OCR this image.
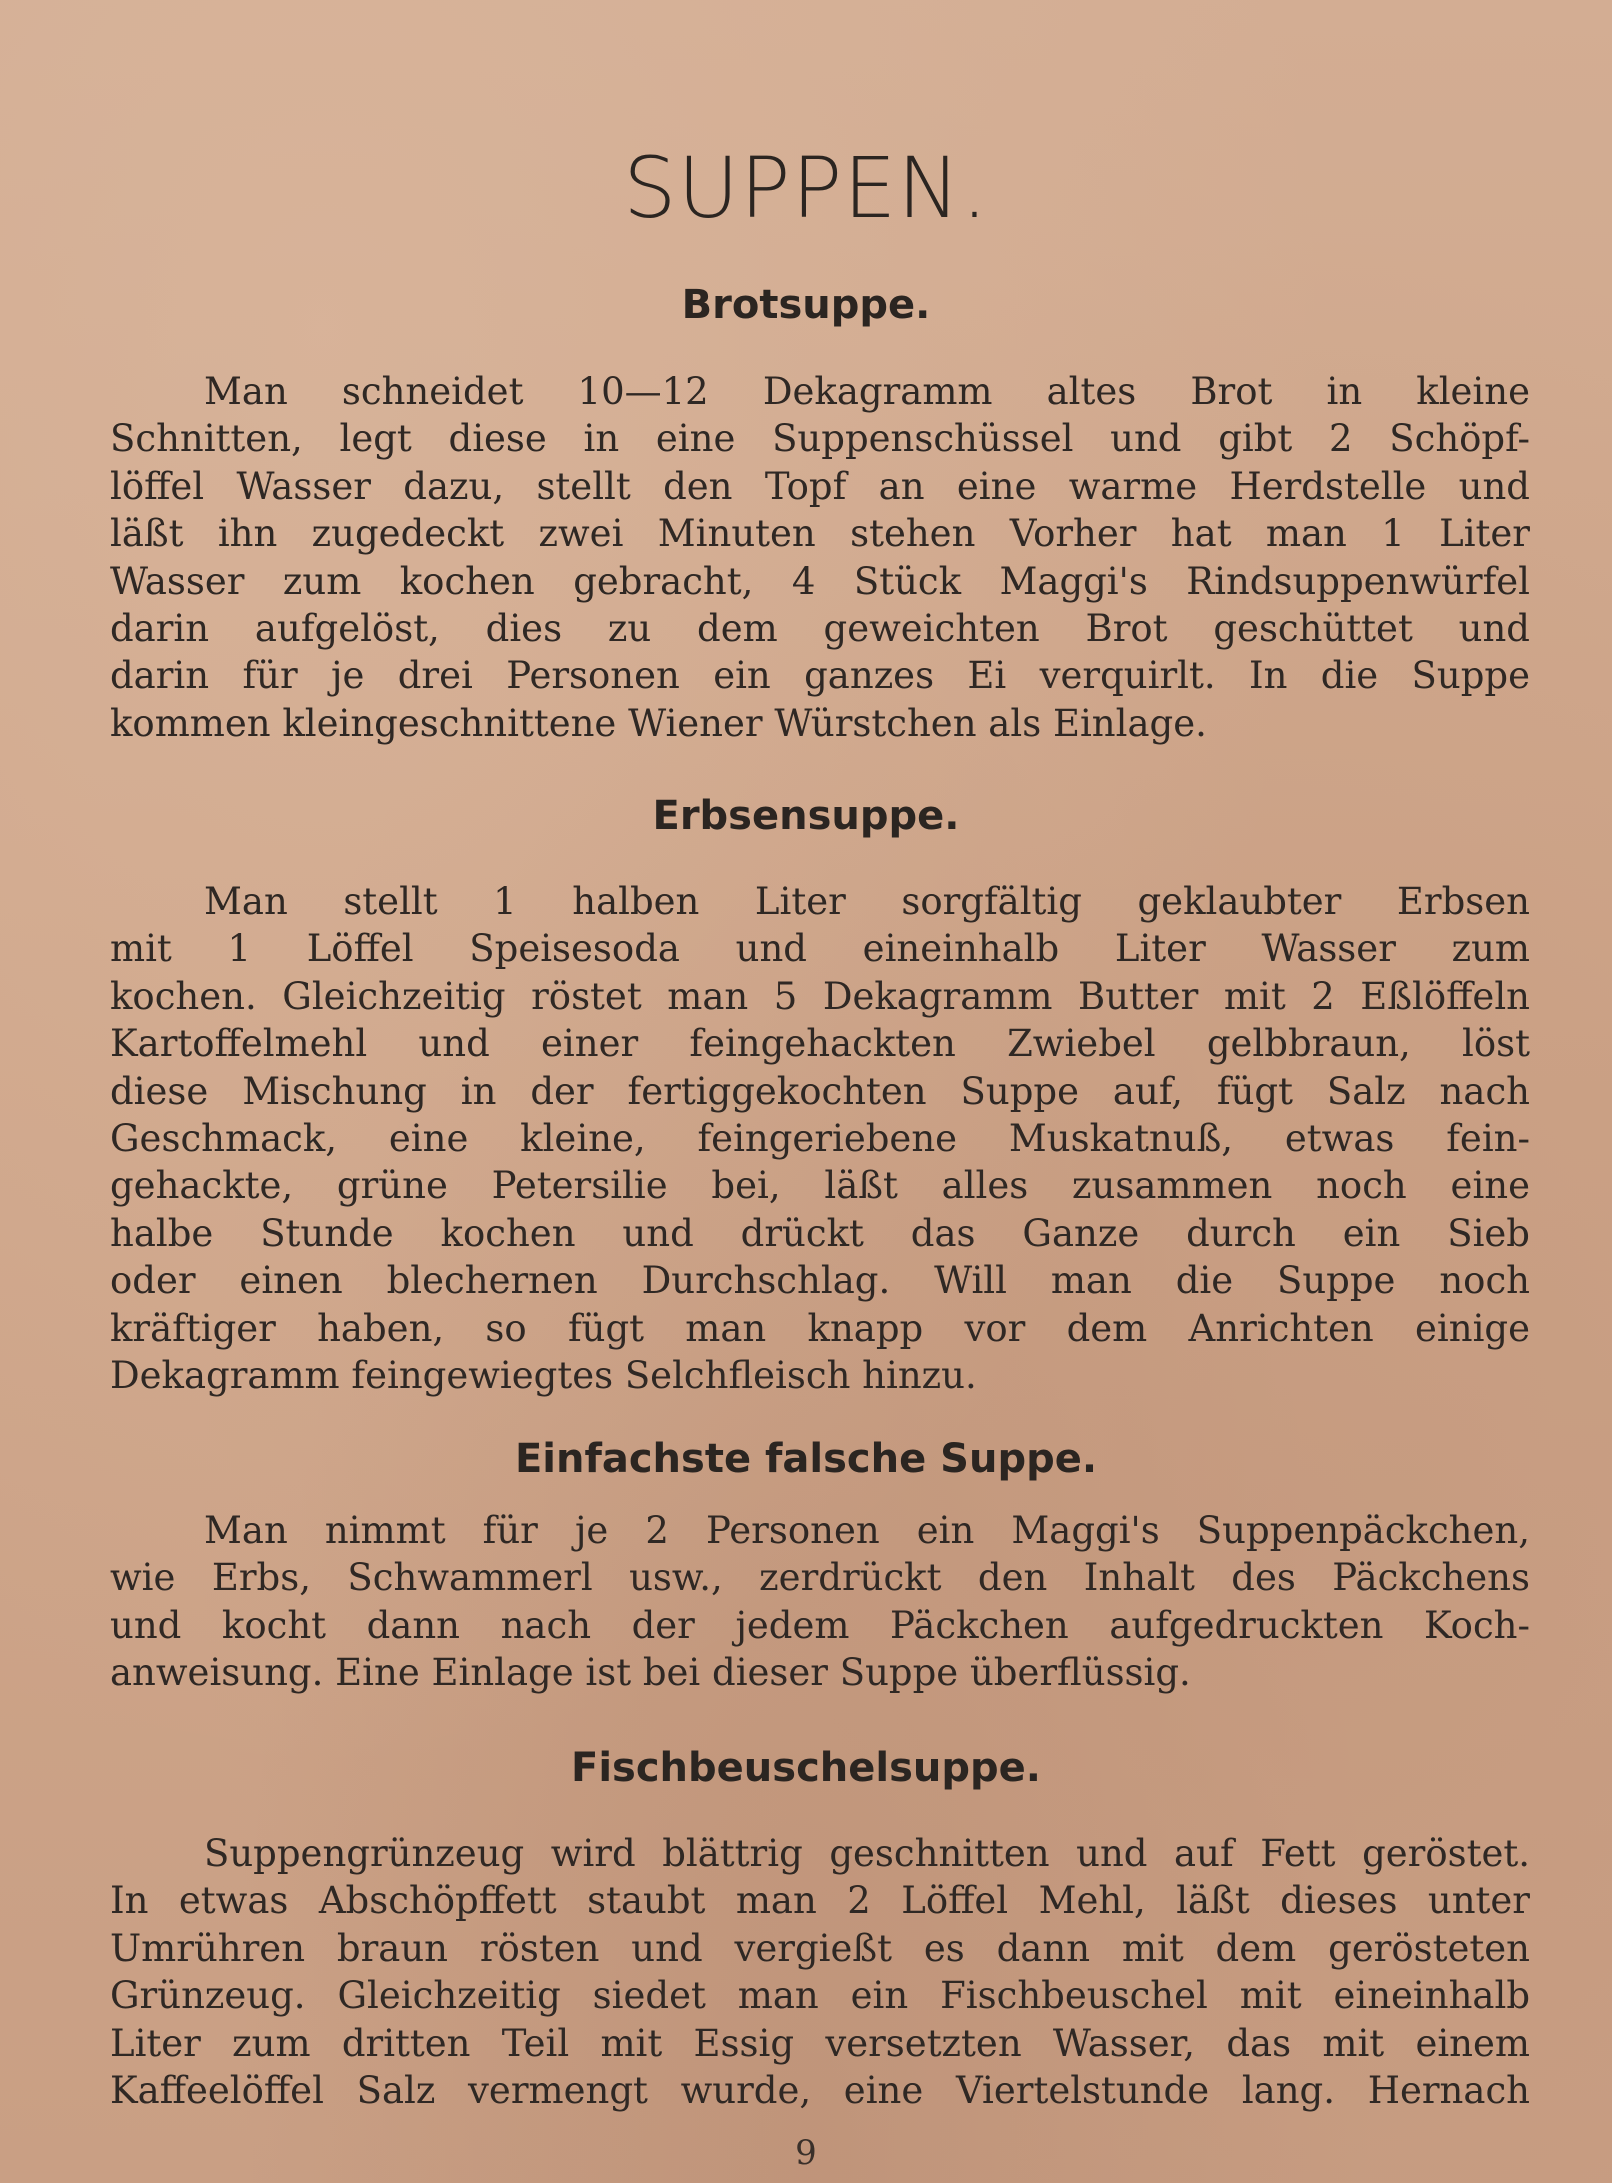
SUPPEN.
Brotsuppe.
Man schneidet 10—12 Dekagramm altes Brot in kleine
Schnitten, legt diese in eine Suppenschüssel und gibt 2 Schöpf-
löffel Wasser dazu, stellt den Topf an eine warme Herdstelle und
läßt ihn zugedeckt zwei Minuten stehen Vorher hat man 1 Liter
Wasser zum kochen gebracht, 4 Stück Maggi's Rindsuppenwürfel
darin aufgelöst, dies zu dem geweichten Brot geschüttet und
darin für je drei Personen ein ganzes Ei verquirlt. In die Suppe
kommen kleingeschnittene Wiener Würstchen als Einlage.
Erbsensuppe.
Man stellt 1 halben Liter sorgfältig geklaubter Erbsen
mit 1 Löffel Speisesoda und eineinhalb Liter Wasser zum
kochen. Gleichzeitig röstet man 5 Dekagramm Butter mit 2 Eßlöffeln
Kartoffelmehl und einer feingehackten Zwiebel gelbbraun, löst
diese Mischung in der fertiggekochten Suppe auf, fügt Salz nach
Geschmack, eine kleine, feingeriebene Muskatnuß, etwas fein-
gehackte, grüne Petersilie bei, läßt alles zusammen noch eine
halbe Stunde kochen und drückt das Ganze durch ein Sieb
oder einen blechernen Durchschlag. Will man die Suppe noch
kräftiger haben, so fügt man knapp vor dem Anrichten einige
Dekagramm feingewiegtes Selchfleisch hinzu.
Einfachste falsche Suppe.
Man nimmt für je 2 Personen ein Maggi's Suppenpäckchen,
wie Erbs, Schwammerl usw., zerdrückt den Inhalt des Päckchens
und kocht dann nach der jedem Päckchen aufgedruckten Koch-
anweisung. Eine Einlage ist bei dieser Suppe überflüssig.
Fischbeuschelsuppe.
Suppengrünzeug wird blättrig geschnitten und auf Fett geröstet.
In etwas Abschöpffett staubt man 2 Löffel Mehl, läßt dieses unter
Umrühren braun rösten und vergießt es dann mit dem gerösteten
Grünzeug. Gleichzeitig siedet man ein Fischbeuschel mit eineinhalb
Liter zum dritten Teil mit Essig versetzten Wasser, das mit einem
Kaffeelöffel Salz vermengt wurde, eine Viertelstunde lang. Hernach
9
